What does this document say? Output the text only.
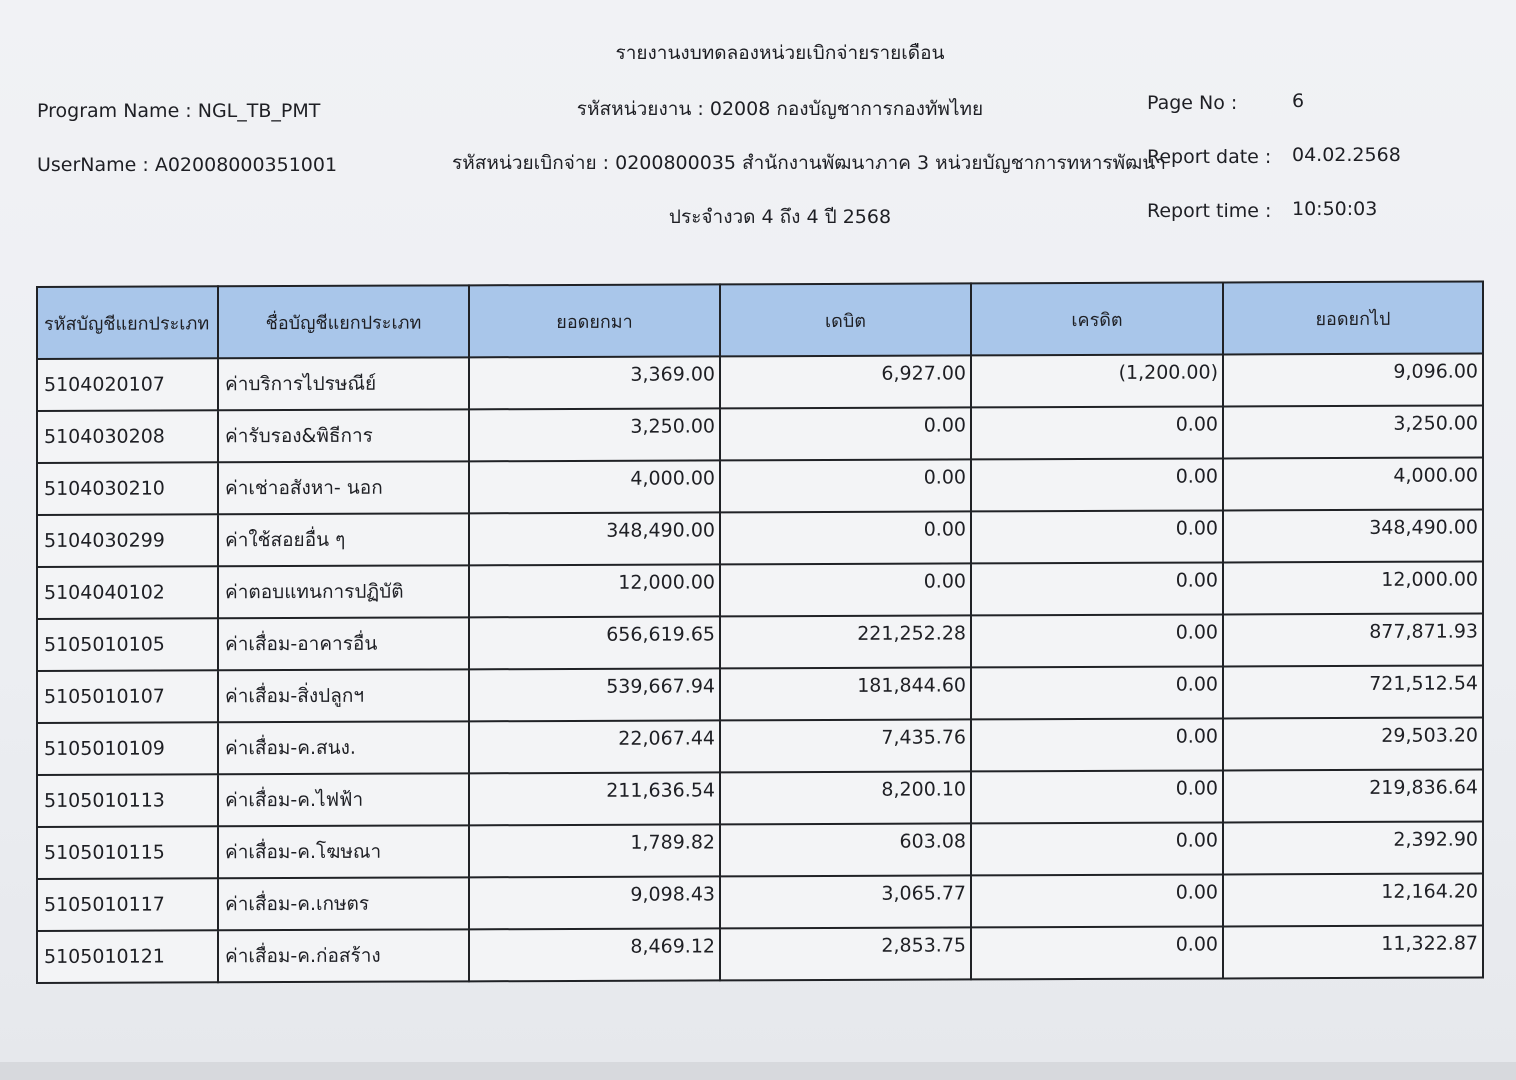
รายงานงบทดลองหน่วยเบิกจ่ายรายเดือน
Program Name : NGL_TB_PMT
UserName : A02008000351001
รหัสหน่วยงาน : 02008 กองบัญชาการกองทัพไทย
รหัสหน่วยเบิกจ่าย : 0200800035 สำนักงานพัฒนาภาค 3 หน่วยบัญชาการทหารพัฒนา
ประจำงวด 4 ถึง 4 ปี 2568
Page No :	6
Report date : 04.02.2568
Report time : 10:50:03
รหัสบัญชีแยกประเภท	ชื่อบัญชีแยกประเภท	ยอดยกมา	เดบิต	เครดิต	ยอดยกไป
5104020107	ค่าบริการไปรษณีย์	3,369.00	6,927.00	(1,200.00)	9,096.00
5104030208	ค่ารับรอง&พิธีการ	3,250.00	0.00	0.00	3,250.00
5104030210	ค่าเช่าอสังหา- นอก	4,000.00	0.00	0.00	4,000.00
5104030299	ค่าใช้สอยอื่น ๆ	348,490.00	0.00	0.00	348,490.00
5104040102	ค่าตอบแทนการปฏิบัติ	12,000.00	0.00	0.00	12,000.00
5105010105	ค่าเสื่อม-อาคารอื่น	656,619.65	221,252.28	0.00	877,871.93
5105010107	ค่าเสื่อม-สิ่งปลูกฯ	539,667.94	181,844.60	0.00	721,512.54
5105010109	ค่าเสื่อม-ค.สนง.	22,067.44	7,435.76	0.00	29,503.20
5105010113	ค่าเสื่อม-ค.ไฟฟ้า	211,636.54	8,200.10	0.00	219,836.64
5105010115	ค่าเสื่อม-ค.โฆษณา	1,789.82	603.08	0.00	2,392.90
5105010117	ค่าเสื่อม-ค.เกษตร	9,098.43	3,065.77	0.00	12,164.20
5105010121	ค่าเสื่อม-ค.ก่อสร้าง	8,469.12	2,853.75	0.00	11,322.87
